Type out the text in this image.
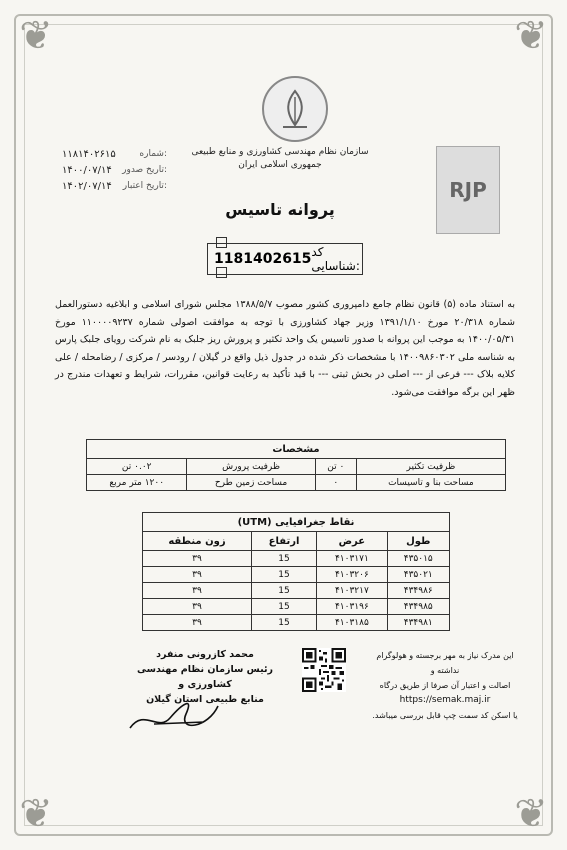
❦	❦
❦	❦
سازمان نظام مهندسی کشاورزی و منابع طبیعی
جمهوری اسلامی ایران
پروانه تاسیس
۱۱۸۱۴۰۲۶۱۵	شماره:
۱۴۰۰/۰۷/۱۴ تاریخ صدور:
۱۴۰۲/۰۷/۱۴ تاریخ اعتبار:	RJP
1181402615 کد شناسایی:
به استناد ماده (۵) قانون نظام جامع دامپروری کشور مصوب ۱۳۸۸/۵/۷ مجلس شورای اسلامی و ابلاغیه دستورالعمل شماره ۲۰/۳۱۸ مورخ ۱۳۹۱/۱/۱۰ وزیر جهاد کشاورزی با توجه به موافقت اصولی شماره ۱۱۰۰۰۰۹۲۳۷ مورخ ۱۴۰۰/۰۵/۳۱ به موجب این پروانه با صدور تاسیس یک واحد تکثیر و پرورش ریز جلبک به نام شرکت رویای جلبک پارس به شناسه ملی ۱۴۰۰۹۸۶۰۳۰۲ با مشخصات ذکر شده در جدول ذیل واقع در گیلان / رودسر / مرکزی / رضامحله / علی کلایه بلاک --- فرعی از --- اصلی در بخش ثبتی --- با قید تأکید به رعایت قوانین، مقررات، شرایط و تعهدات مندرج در ظهر این برگه موافقت می‌شود.
مشخصات			
ظرفیت تکثیر	۰ تن	ظرفیت پرورش	۰.۰۲ تن
مساحت بنا و تاسیسات	۰	مساحت زمین طرح	۱۲۰۰ متر مربع
نقاط جغرافیایی (UTM)			
طول	عرض	ارتفاع	زون منطقه
۴۳۵۰۱۵	۴۱۰۳۱۷۱	15	۳۹
۴۳۵۰۲۱	۴۱۰۳۲۰۶	15	۳۹
۴۳۴۹۸۶	۴۱۰۳۲۱۷	15	۳۹
۴۳۴۹۸۵	۴۱۰۳۱۹۶	15	۳۹
۴۳۴۹۸۱	۴۱۰۳۱۸۵	15	۳۹
محمد کازرونی منفرد
رئیس سازمان نظام مهندسی کشاورزی و
منابع طبیعی استان گیلان
این مدرک نیاز به مهر برجسته و هولوگرام نداشته و
اصالت و اعتبار آن صرفا از طریق درگاه
https://semak.maj.ir
یا اسکن کد سمت چپ قابل بررسی میباشد.
